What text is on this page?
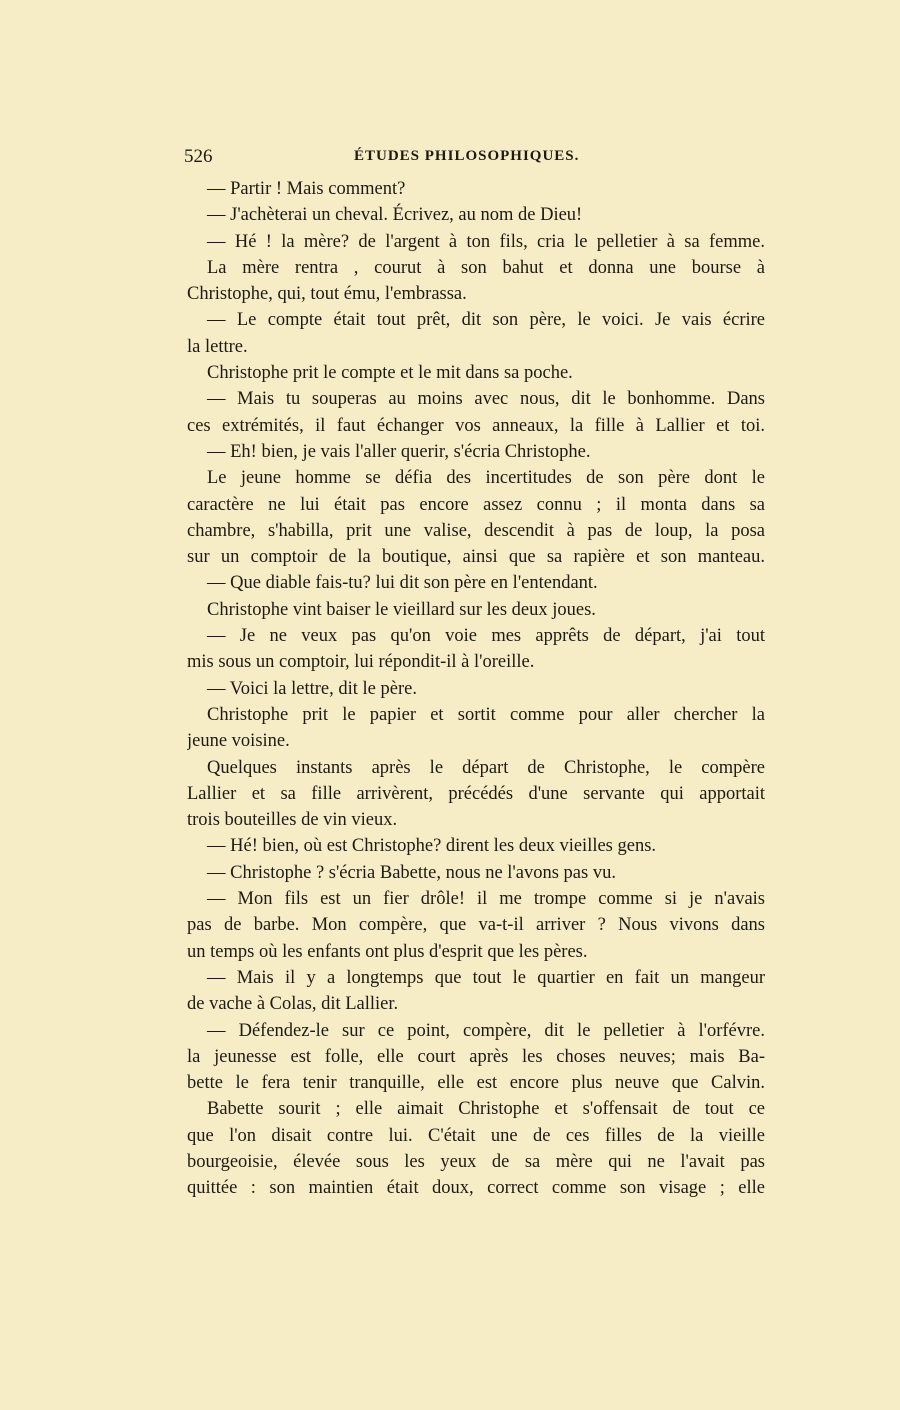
526	ÉTUDES PHILOSOPHIQUES.
— Partir ! Mais comment?
— J'achèterai un cheval. Écrivez, au nom de Dieu!
— Hé ! la mère? de l'argent à ton fils, cria le pelletier à sa femme.
La mère rentra , courut à son bahut et donna une bourse à
Christophe, qui, tout ému, l'embrassa.
— Le compte était tout prêt, dit son père, le voici. Je vais écrire
la lettre.
Christophe prit le compte et le mit dans sa poche.
— Mais tu souperas au moins avec nous, dit le bonhomme. Dans
ces extrémités, il faut échanger vos anneaux, la fille à Lallier et toi.
— Eh! bien, je vais l'aller querir, s'écria Christophe.
Le jeune homme se défia des incertitudes de son père dont le
caractère ne lui était pas encore assez connu ; il monta dans sa
chambre, s'habilla, prit une valise, descendit à pas de loup, la posa
sur un comptoir de la boutique, ainsi que sa rapière et son manteau.
— Que diable fais-tu? lui dit son père en l'entendant.
Christophe vint baiser le vieillard sur les deux joues.
— Je ne veux pas qu'on voie mes apprêts de départ, j'ai tout
mis sous un comptoir, lui répondit-il à l'oreille.
— Voici la lettre, dit le père.
Christophe prit le papier et sortit comme pour aller chercher la
jeune voisine.
Quelques instants après le départ de Christophe, le compère
Lallier et sa fille arrivèrent, précédés d'une servante qui apportait
trois bouteilles de vin vieux.
— Hé! bien, où est Christophe? dirent les deux vieilles gens.
— Christophe ? s'écria Babette, nous ne l'avons pas vu.
— Mon fils est un fier drôle! il me trompe comme si je n'avais
pas de barbe. Mon compère, que va-t-il arriver ? Nous vivons dans
un temps où les enfants ont plus d'esprit que les pères.
— Mais il y a longtemps que tout le quartier en fait un mangeur
de vache à Colas, dit Lallier.
— Défendez-le sur ce point, compère, dit le pelletier à l'orfévre.
la jeunesse est folle, elle court après les choses neuves; mais Ba-
bette le fera tenir tranquille, elle est encore plus neuve que Calvin.
Babette sourit ; elle aimait Christophe et s'offensait de tout ce
que l'on disait contre lui. C'était une de ces filles de la vieille
bourgeoisie, élevée sous les yeux de sa mère qui ne l'avait pas
quittée : son maintien était doux, correct comme son visage ; elle
